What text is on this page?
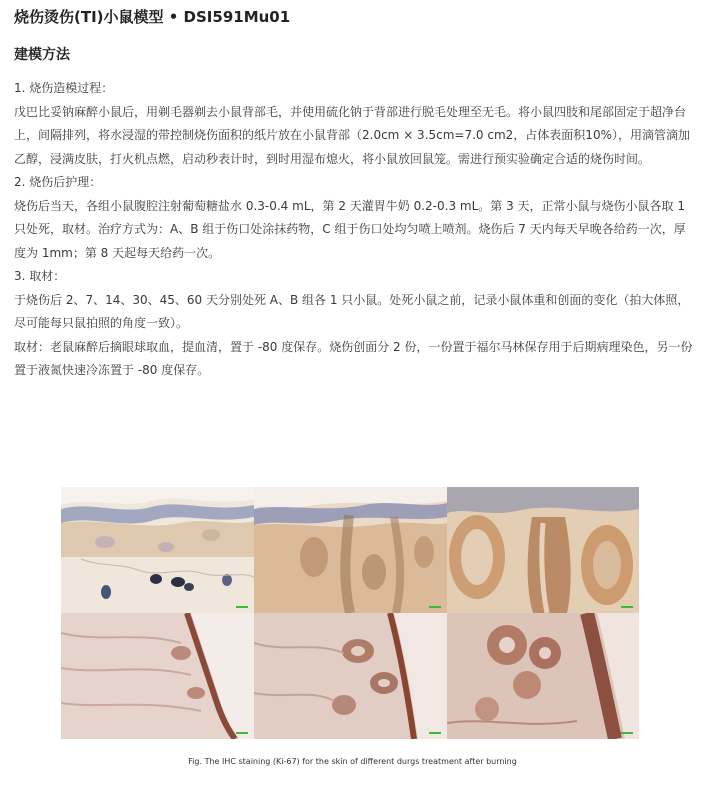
烧伤烫伤(TI)小鼠模型 • DSI591Mu01
建模方法

1. 烧伤造模过程：

戊巴比妥钠麻醉小鼠后，用剃毛器剃去小鼠背部毛，并使用硫化钠于背部进行脱毛处理至无毛。将小鼠四肢和尾部固定于超净台上，间隔排列，将水浸湿的带控制烧伤面积的纸片放在小鼠背部（2.0cm × 3.5cm=7.0 cm2，占体表面积10%），用滴管滴加乙醇，浸满皮肤，打火机点燃，启动秒表计时，到时用湿布熄火，将小鼠放回鼠笼。需进行预实验确定合适的烧伤时间。

2. 烧伤后护理：

烧伤后当天，各组小鼠腹腔注射葡萄糖盐水 0.3-0.4 mL，第 2 天灌胃牛奶 0.2-0.3 mL。第 3 天，正常小鼠与烧伤小鼠各取 1 只处死，取材。治疗方式为：A、B 组于伤口处涂抹药物，C 组于伤口处均匀喷上喷剂。烧伤后 7 天内每天早晚各给药一次，厚度为 1mm；第 8 天起每天给药一次。

3. 取材：

于烧伤后 2、7、14、30、45、60 天分别处死 A、B 组各 1 只小鼠。处死小鼠之前，记录小鼠体重和创面的变化（拍大体照，尽可能每只鼠拍照的角度一致）。

取材：老鼠麻醉后摘眼球取血，提血清，置于 -80 度保存。烧伤创面分 2 份，一份置于福尔马林保存用于后期病理染色，另一份置于液氮快速冷冻置于 -80 度保存。

Fig. The IHC staining (Ki-67) for the skin of different durgs treatment after burning
